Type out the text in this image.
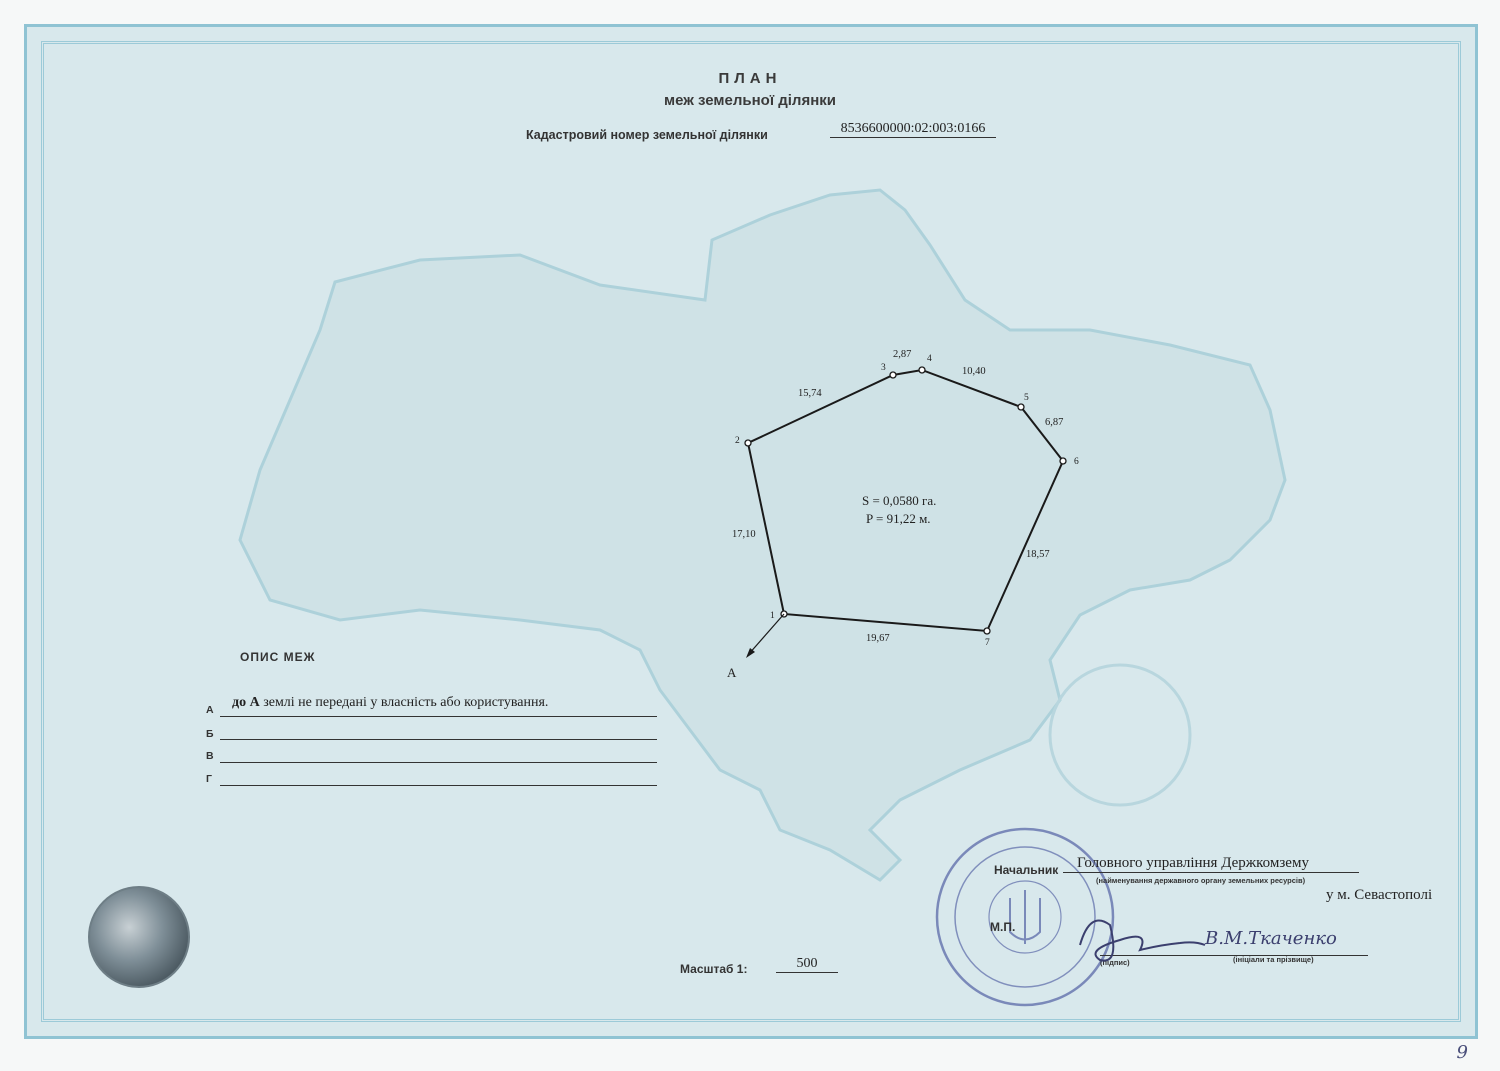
ПЛАН
меж земельної ділянки
Кадастровий номер земельної ділянки	8536600000:02:003:0166
A
1
2
3
4
5
6
7
17,10
15,74
2,87
10,40
6,87
18,57
19,67
S = 0,0580 га.
P = 91,22 м.
ОПИС МЕЖ
А до А землі не передані у власність або користування.
Б
В
Г
Масштаб 1:	500
Начальник	Головного управління Держкомзему
(найменування державного органу земельних ресурсів)
у м. Севастополі
М.П.
В.М.Ткаченко
(підпис)	(ініціали та прізвище)
9
